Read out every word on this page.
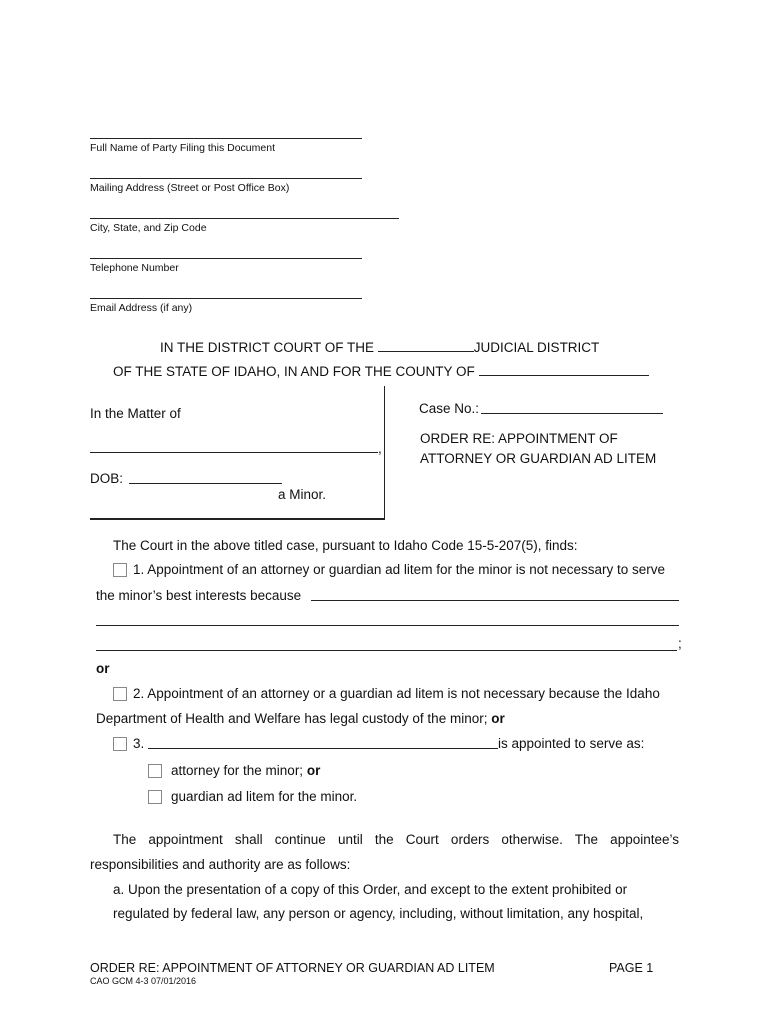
Full Name of Party Filing this Document
Mailing Address (Street or Post Office Box)
City, State, and Zip Code
Telephone Number
Email Address (if any)
IN THE DISTRICT COURT OF THE	JUDICIAL DISTRICT
OF THE STATE OF IDAHO, IN AND FOR THE COUNTY OF
In the Matter of
,
DOB:
a Minor.
Case No.:
ORDER RE: APPOINTMENT OF
ATTORNEY OR GUARDIAN AD LITEM
The Court in the above titled case, pursuant to Idaho Code 15-5-207(5), finds:
1. Appointment of an attorney or guardian ad litem for the minor is not necessary to serve
the minor’s best interests because
;
or
2. Appointment of an attorney or a guardian ad litem is not necessary because the Idaho
Department of Health and Welfare has legal custody of the minor; or
3.	is appointed to serve as:
attorney for the minor; or
guardian ad litem for the minor.
The appointment shall continue until the Court orders otherwise. The appointee’s
responsibilities and authority are as follows:
a. Upon the presentation of a copy of this Order, and except to the extent prohibited or
regulated by federal law, any person or agency, including, without limitation, any hospital,
ORDER RE: APPOINTMENT OF ATTORNEY OR GUARDIAN AD LITEM	PAGE 1
CAO GCM 4-3 07/01/2016
